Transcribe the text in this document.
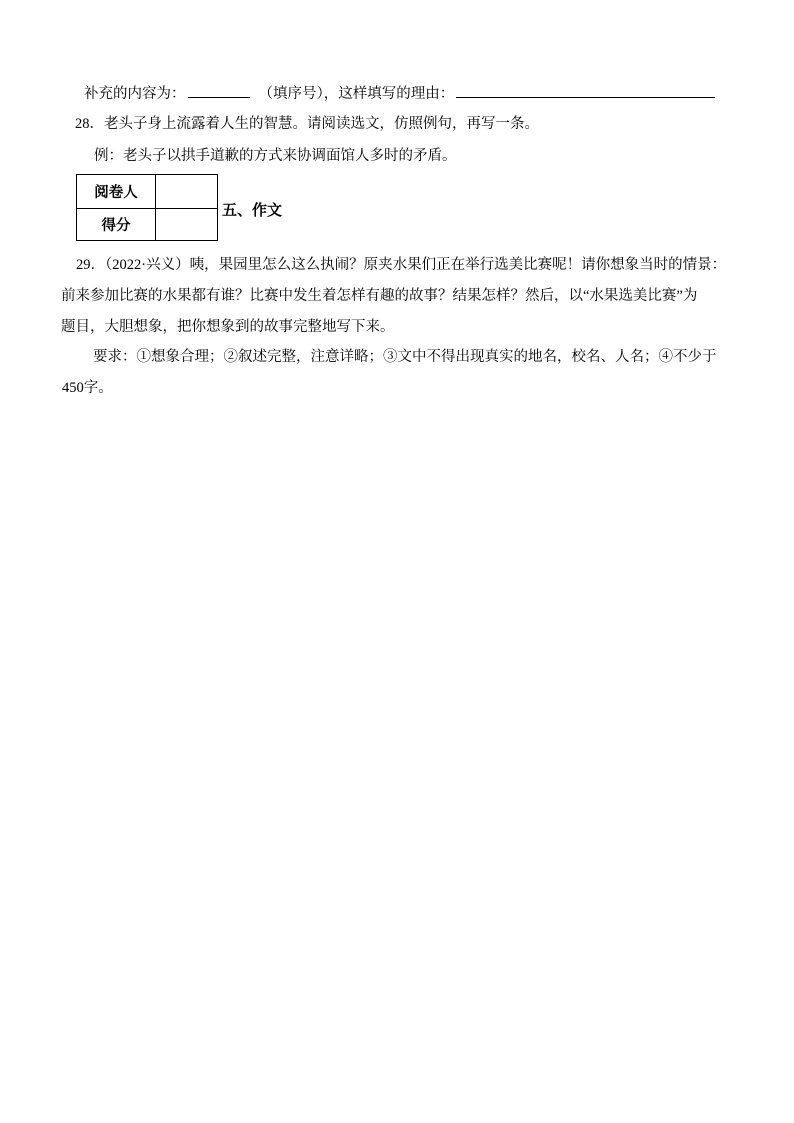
补充的内容为：	（填序号），这样填写的理由：
28．老头子身上流露着人生的智慧。请阅读选文，仿照例句，再写一条。
例：老头子以拱手道歉的方式来协调面馆人多时的矛盾。
阅卷人
得分
五、作文
29．（2022·兴义）咦，果园里怎么这么执闹？原夹水果们正在举行选美比赛呢！请你想象当时的情景：
前来参加比赛的水果都有谁？比赛中发生着怎样有趣的故事？结果怎样？然后，以“水果选美比赛”为
题目，大胆想象，把你想象到的故事完整地写下来。
要求：①想象合理；②叙述完整，注意详略；③文中不得出现真实的地名，校名、人名；④不少于
450字。
